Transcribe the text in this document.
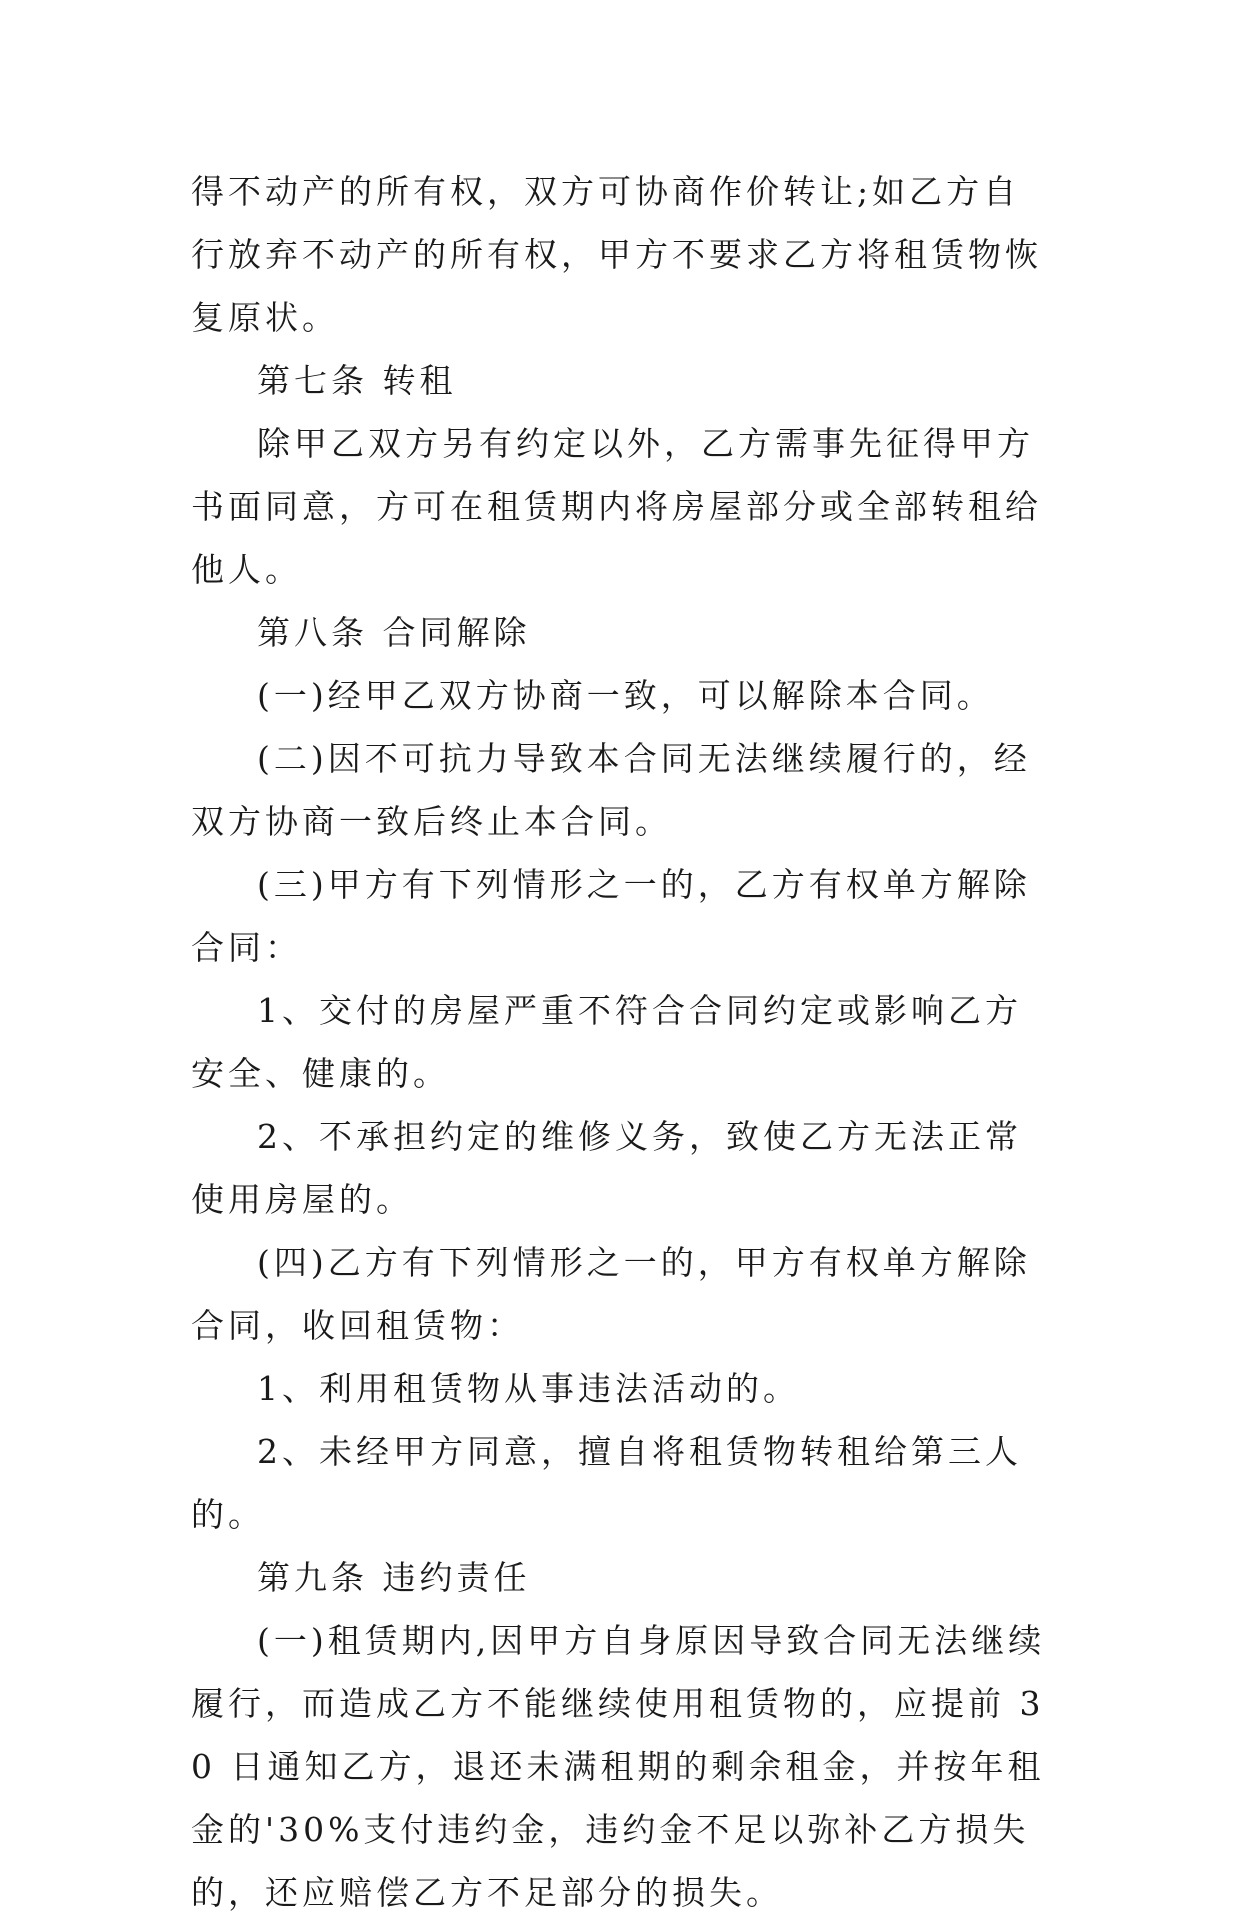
得不动产的所有权，双方可协商作价转让;如乙方自行放弃不动产的所有权，甲方不要求乙方将租赁物恢复原状。

第七条 转租

除甲乙双方另有约定以外，乙方需事先征得甲方书面同意，方可在租赁期内将房屋部分或全部转租给他人。

第八条 合同解除

(一)经甲乙双方协商一致，可以解除本合同。

(二)因不可抗力导致本合同无法继续履行的，经双方协商一致后终止本合同。

(三)甲方有下列情形之一的，乙方有权单方解除合同：

1、交付的房屋严重不符合合同约定或影响乙方安全、健康的。

2、不承担约定的维修义务，致使乙方无法正常使用房屋的。

(四)乙方有下列情形之一的，甲方有权单方解除合同，收回租赁物：

1、利用租赁物从事违法活动的。

2、未经甲方同意，擅自将租赁物转租给第三人的。

第九条 违约责任

(一)租赁期内,因甲方自身原因导致合同无法继续履行，而造成乙方不能继续使用租赁物的，应提前 30 日通知乙方，退还未满租期的剩余租金，并按年租金的'30%支付违约金，违约金不足以弥补乙方损失的，还应赔偿乙方不足部分的损失。
